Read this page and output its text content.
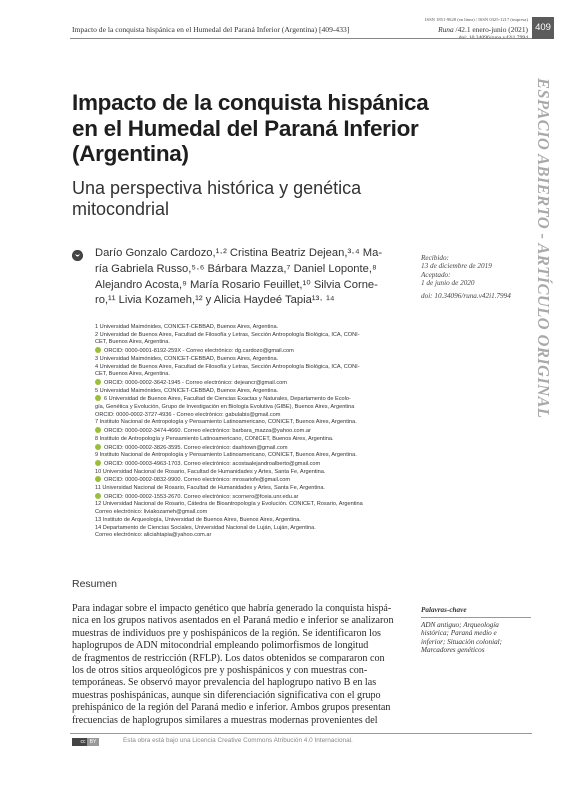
Impacto de la conquista hispánica en el Humedal del Paraná Inferior (Argentina) [409-433]
ISSN 1851-9628 (en línea) / ISSN 0325-1217 (impresa)
Runa /42.1 enero-junio (2021)
doi: 10.34096/runa.v42i1.7994
409
ESPACIO ABIERTO - ARTÍCULO ORIGINAL
Impacto de la conquista hispánica
en el Humedal del Paraná Inferior
(Argentina)
Una perspectiva histórica y genética
mitocondrial
Darío Gonzalo Cardozo,¹·² Cristina Beatriz Dejean,³·⁴ Ma-
ría Gabriela Russo,⁵·⁶ Bárbara Mazza,⁷ Daniel Loponte,⁸
Alejandro Acosta,⁹ María Rosario Feuillet,¹⁰ Silvia Corne-
ro,¹¹ Livia Kozameh,¹² y Alicia Haydeé Tapia¹³· ¹⁴
Recibido:
13 de diciembre de 2019
Aceptado:
1 de junio de 2020
doi: 10.34096/runa.v42i1.7994
1 Universidad Maimónides, CONICET-CEBBAD, Buenos Aires, Argentina.
2 Universidad de Buenos Aires, Facultad de Filosofía y Letras, Sección Antropología Biológica, ICA, CONI-
CET, Buenos Aires, Argentina.
ORCID: 0000-0001-8192-259X - Correo electrónico: dg.cardozo@gmail.com
3 Universidad Maimónides, CONICET-CEBBAD, Buenos Aires, Argentina.
4 Universidad de Buenos Aires, Facultad de Filosofía y Letras, Sección Antropología Biológica, ICA, CONI-
CET, Buenos Aires, Argentina.
ORCID: 0000-0002-3642-1945 - Correo electrónico: dejeancr@gmail.com
5 Universidad Maimónides, CONICET-CEBBAD, Buenos Aires, Argentina.
6 Universidad de Buenos Aires, Facultad de Ciencias Exactas y Naturales, Departamento de Ecolo-
gía, Genética y Evolución, Grupo de Investigación en Biología Evolutiva (GIBE), Buenos Aires, Argentina
ORCID: 0000-0002-3727-4936 - Correo electrónico: gabulabis@gmail.com
7 Instituto Nacional de Antropología y Pensamiento Latinoamericano, CONICET, Buenos Aires, Argentina.
ORCID: 0000-0002-3474-4660. Correo electrónico: barbara_mazza@yahoo.com.ar
8 Instituto de Antropología y Pensamiento Latinoamericano, CONICET, Buenos Aires, Argentina.
ORCID: 0000-0002-3826-3595. Correo electrónico: dashtown@gmail.com
9 Instituto Nacional de Antropología y Pensamiento Latinoamericano, CONICET, Buenos Aires, Argentina.
ORCID: 0000-0003-4963-1703. Correo electrónico: acostaalejandroalberto@gmail.com
10 Universidad Nacional de Rosario, Facultad de Humanidades y Artes, Santa Fe, Argentina.
ORCID: 0000-0002-0832-9900. Correo electrónico: mrosariofe@gmail.com
11 Universidad Nacional de Rosario, Facultad de Humanidades y Artes, Santa Fe, Argentina.
ORCID: 0000-0002-1553-2670. Correo electrónico: scornero@fceia.unr.edu.ar
12 Universidad Nacional de Rosario, Cátedra de Bioantropología y Evolución. CONICET, Rosario, Argentina
Correo electrónico: liviakozameh@gmail.com
13 Instituto de Arqueología, Universidad de Buenos Aires, Buenos Aires, Argentina.
14 Departamento de Ciencias Sociales, Universidad Nacional de Luján, Luján, Argentina.
Correo electrónico: aliciahtapia@yahoo.com.ar
Resumen
Para indagar sobre el impacto genético que habría generado la conquista hispá-
nica en los grupos nativos asentados en el Paraná medio e inferior se analizaron
muestras de individuos pre y poshispánicos de la región. Se identificaron los
haplogrupos de ADN mitocondrial empleando polimorfismos de longitud
de fragmentos de restricción (RFLP). Los datos obtenidos se compararon con
los de otros sitios arqueológicos pre y poshispánicos y con muestras con-
temporáneas. Se observó mayor prevalencia del haplogrupo nativo B en las
muestras poshispánicas, aunque sin diferenciación significativa con el grupo
prehispánico de la región del Paraná medio e inferior. Ambos grupos presentan
frecuencias de haplogrupos similares a muestras modernas provenientes del
Palavras-chave
ADN antiguo; Arqueología
histórica; Paraná medio e
inferior; Situación colonial;
Marcadores genéticos
cc BY	Esta obra está bajo una Licencia Creative Commons Atribución 4.0 Internacional.
